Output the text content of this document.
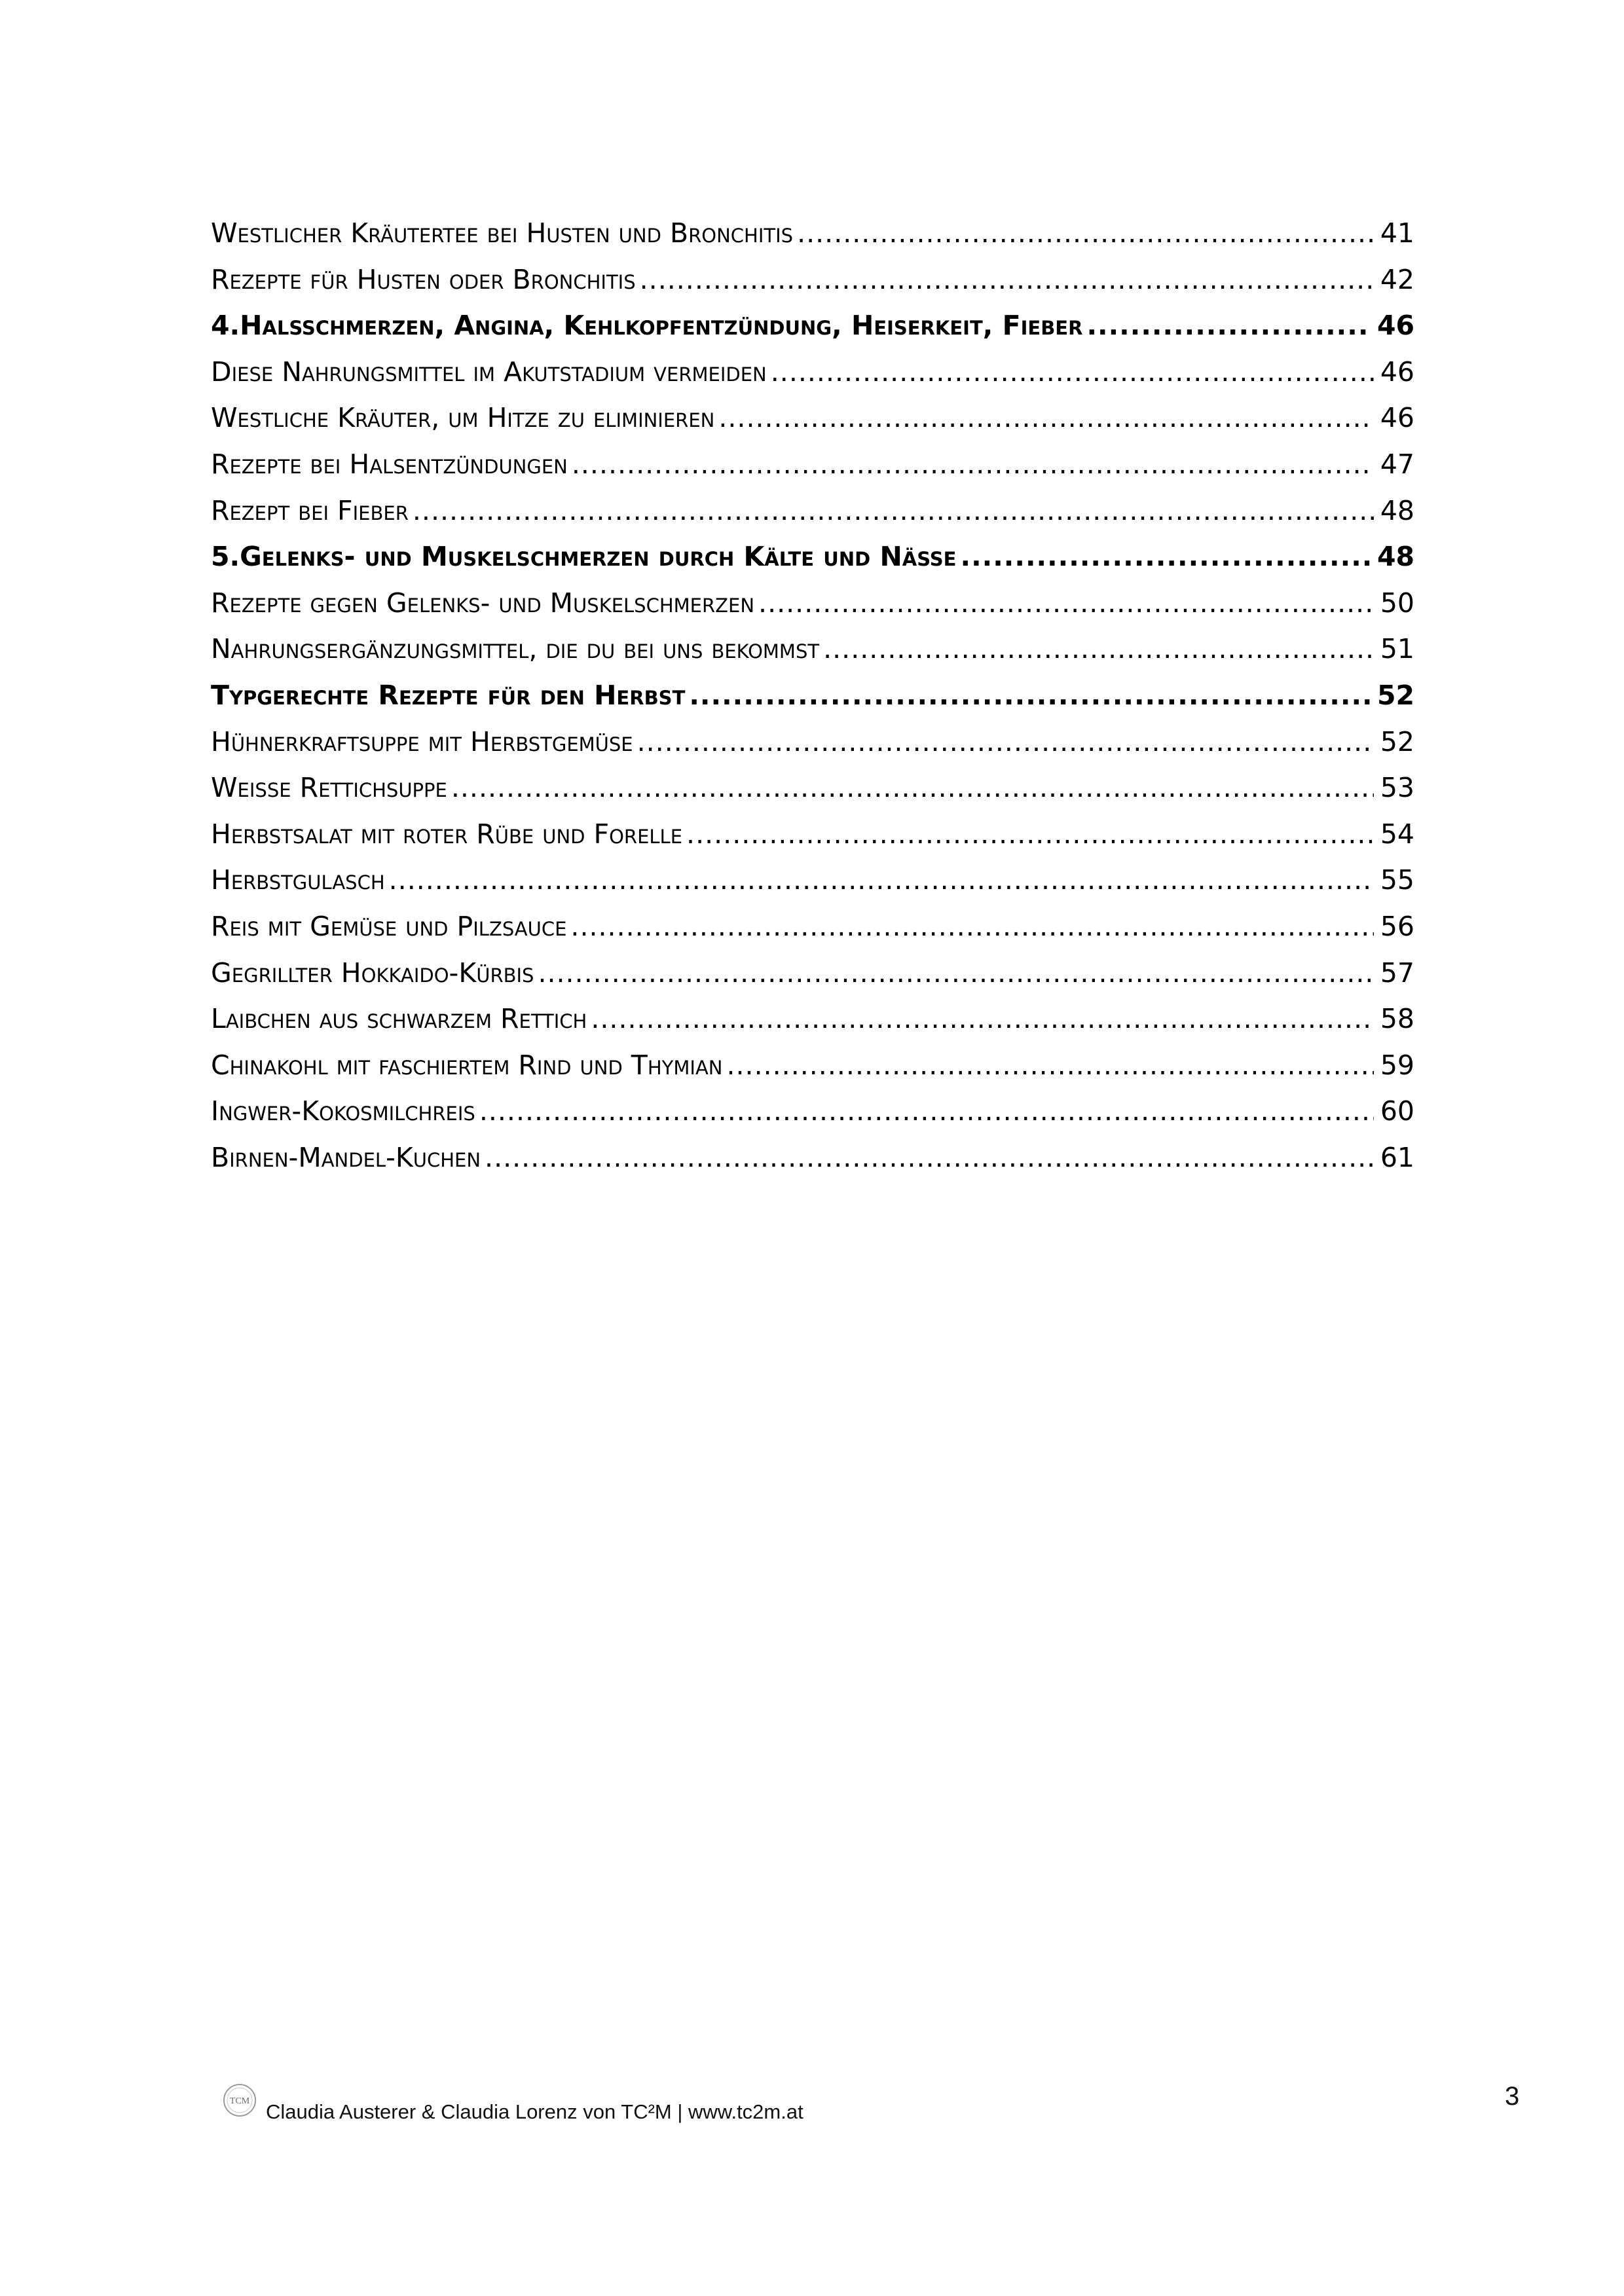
Westlicher Kräutertee bei Husten und Bronchitis .....	41
Rezepte für Husten oder Bronchitis .....	42
4.Halsschmerzen, Angina, Kehlkopfentzündung, Heiserkeit, Fieber .....	46
Diese Nahrungsmittel im Akutstadium vermeiden .....	46
Westliche Kräuter, um Hitze zu eliminieren .....	46
Rezepte bei Halsentzündungen .....	47
Rezept bei Fieber .....	48
5.Gelenks- und Muskelschmerzen durch Kälte und Nässe .....	48
Rezepte gegen Gelenks- und Muskelschmerzen .....	50
Nahrungsergänzungsmittel, die du bei uns bekommst .....	51
Typgerechte Rezepte für den Herbst .....	52
Hühnerkraftsuppe mit Herbstgemüse .....	52
Weiße Rettichsuppe .....	53
Herbstsalat mit roter Rübe und Forelle .....	54
Herbstgulasch .....	55
Reis mit Gemüse und Pilzsauce .....	56
Gegrillter Hokkaido-Kürbis .....	57
Laibchen aus schwarzem Rettich .....	58
Chinakohl mit faschiertem Rind und Thymian .....	59
Ingwer-Kokosmilchreis .....	60
Birnen-Mandel-Kuchen .....	61
TCM Claudia Austerer & Claudia Lorenz von TC²M | www.tc2m.at
3
